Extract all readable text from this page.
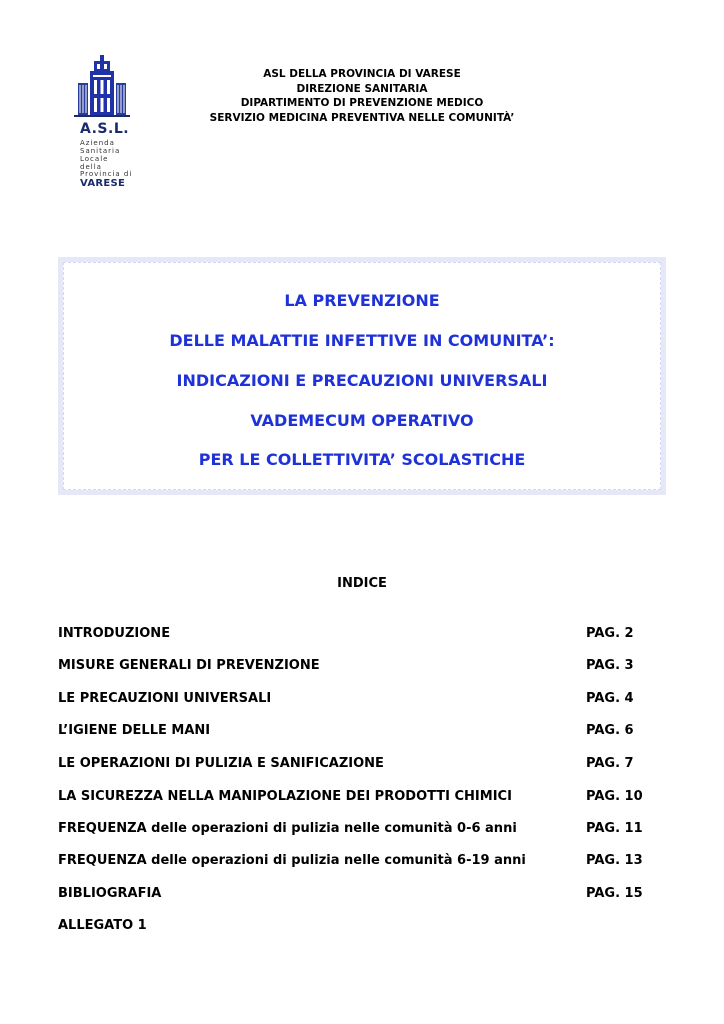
A.S.L.
Azienda
Sanitaria
Locale
della
Provincia di
VARESE
ASL DELLA PROVINCIA DI VARESE
DIREZIONE SANITARIA
DIPARTIMENTO DI PREVENZIONE MEDICO
SERVIZIO MEDICINA PREVENTIVA NELLE COMUNITÀ’
LA PREVENZIONE
DELLE MALATTIE INFETTIVE IN COMUNITA’:
INDICAZIONI E PRECAUZIONI UNIVERSALI
VADEMECUM OPERATIVO
PER LE COLLETTIVITA’ SCOLASTICHE
INDICE
INTRODUZIONE	PAG. 2
MISURE GENERALI DI PREVENZIONE	PAG. 3
LE PRECAUZIONI UNIVERSALI	PAG. 4
L’IGIENE DELLE MANI	PAG. 6
LE OPERAZIONI DI PULIZIA E SANIFICAZIONE	PAG. 7
LA SICUREZZA NELLA MANIPOLAZIONE DEI PRODOTTI CHIMICI	PAG. 10
FREQUENZA delle operazioni di pulizia nelle comunità 0-6 anni	PAG. 11
FREQUENZA delle operazioni di pulizia nelle comunità 6-19 anni	PAG. 13
BIBLIOGRAFIA	PAG. 15
ALLEGATO 1
